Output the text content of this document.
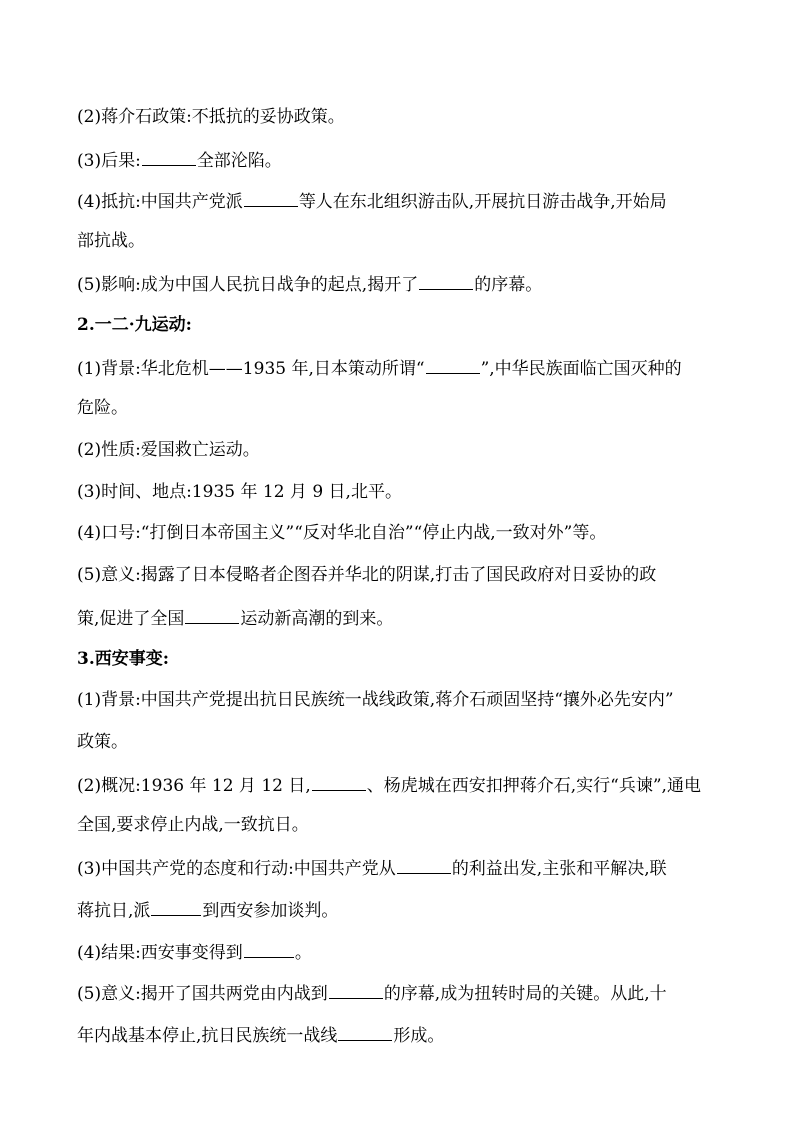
(2)蒋介石政策:不抵抗的妥协政策。
(3)后果:	全部沦陷。
(4)抵抗:中国共产党派	等人在东北组织游击队,开展抗日游击战争,开始局
部抗战。
(5)影响:成为中国人民抗日战争的起点,揭开了	的序幕。
2.一二·九运动:
(1)背景:华北危机——1935 年,日本策动所谓“	”,中华民族面临亡国灭种的
危险。
(2)性质:爱国救亡运动。
(3)时间、地点:1935 年 12 月 9 日,北平。
(4)口号:“打倒日本帝国主义”“反对华北自治”“停止内战,一致对外”等。
(5)意义:揭露了日本侵略者企图吞并华北的阴谋,打击了国民政府对日妥协的政
策,促进了全国	运动新高潮的到来。
3.西安事变:
(1)背景:中国共产党提出抗日民族统一战线政策,蒋介石顽固坚持“攘外必先安内”
政策。
(2)概况:1936 年 12 月 12 日,	、杨虎城在西安扣押蒋介石,实行“兵谏”,通电
全国,要求停止内战,一致抗日。
(3)中国共产党的态度和行动:中国共产党从	的利益出发,主张和平解决,联
蒋抗日,派	到西安参加谈判。
(4)结果:西安事变得到	。
(5)意义:揭开了国共两党由内战到	的序幕,成为扭转时局的关键。从此,十
年内战基本停止,抗日民族统一战线	形成。
